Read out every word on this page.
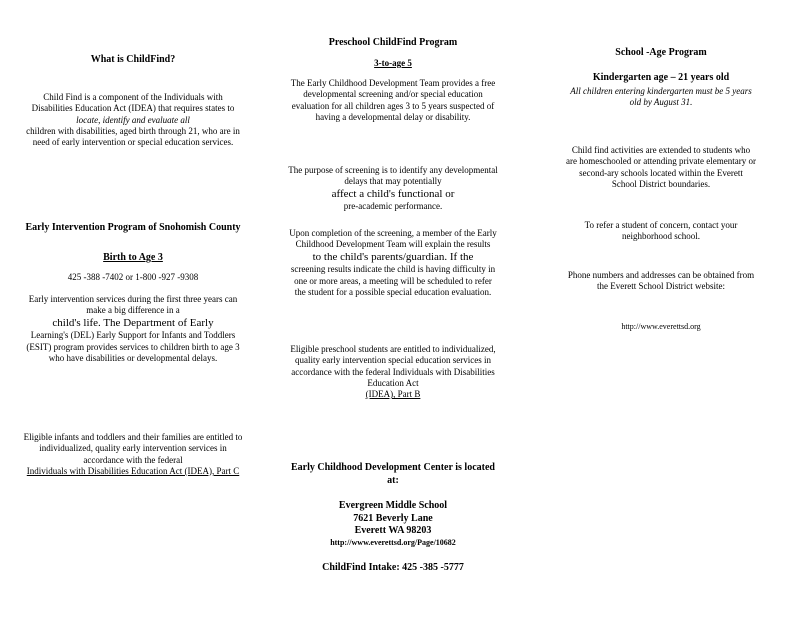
What is ChildFind?

Child Find is a component of the Individuals with Disabilities Education Act (IDEA) that requires states to

locate, identify and evaluate all

children with disabilities, aged birth through 21, who are in need of early intervention or special education services.

Early Intervention Program of Snohomish County

Birth to Age 3

425 -388 -7402 or 1-800 -927 -9308

Early intervention services during the first three years can make a big difference in a

child's life. The Department of Early

Learning's (DEL) Early Support for Infants and Toddlers (ESIT) program provides services to children birth to age 3 who have disabilities or developmental delays.

Eligible infants and toddlers and their families are entitled to individualized, quality early intervention services in accordance with the federal

Individuals with Disabilities Education Act (IDEA), Part C

Preschool ChildFind Program

3-to-age 5

The Early Childhood Development Team provides a free developmental screening and/or special education evaluation for all children ages 3 to 5 years suspected of having a developmental delay or disability.

The purpose of screening is to identify any developmental delays that may potentially

affect a child's functional or

pre-academic performance.

Upon completion of the screening, a member of the Early Childhood Development Team will explain the results

to the child's parents/guardian. If the

screening results indicate the child is having difficulty in one or more areas, a meeting will be scheduled to refer the student for a possible special education evaluation.

Eligible preschool students are entitled to individualized, quality early intervention special education services in accordance with the federal Individuals with Disabilities Education Act

(IDEA), Part B

Early Childhood Development Center is located at:

Evergreen Middle School

7621 Beverly Lane

Everett WA 98203

http://www.everettsd.org/Page/10682

ChildFind Intake: 425 -385 -5777

School -Age Program

Kindergarten age – 21 years old

All children entering kindergarten must be 5 years old by August 31.

Child find activities are extended to students who are homeschooled or attending private elementary or second-ary schools located within the Everett School District boundaries.

To refer a student of concern, contact your neighborhood school.

Phone numbers and addresses can be obtained from the Everett School District website:

http://www.everettsd.org
